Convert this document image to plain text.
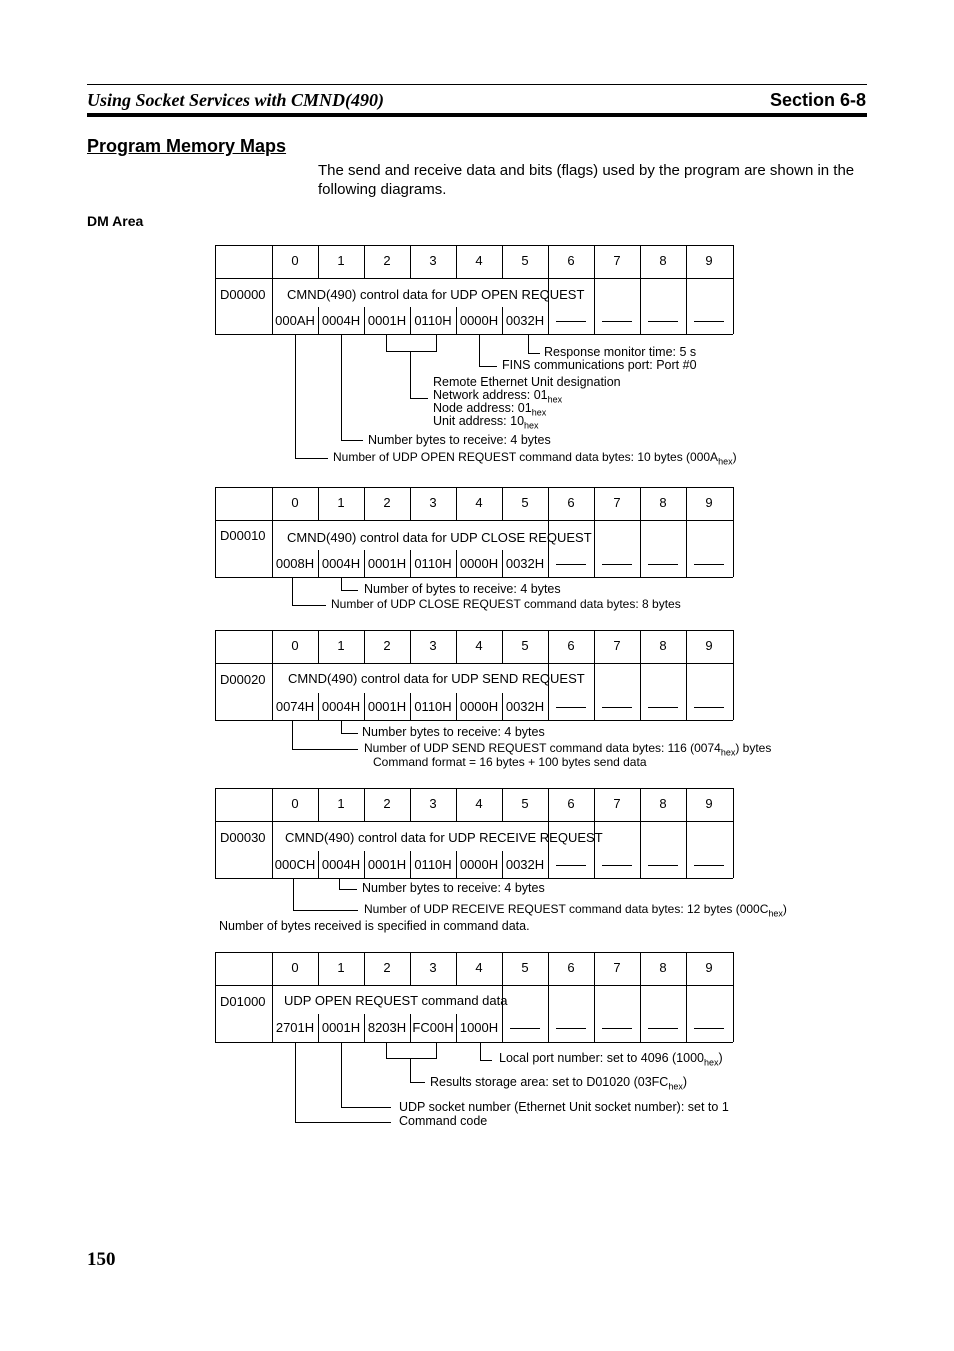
Using Socket Services with CMND(490)	Section 6-8
Program Memory Maps
The send and receive data and bits (flags) used by the program are shown in the following diagrams.
DM Area
0	1	2	3	4	5	6	7	8	9
D00000 CMND(490) control data for UDP OPEN REQUEST
000AH 0004H 0001H 0110H 0000H 0032H
0	1	2	3	4	5	6	7	8	9
D00010 CMND(490) control data for UDP CLOSE REQUEST
0008H 0004H 0001H 0110H 0000H 0032H
0	1	2	3	4	5	6	7	8	9
D00020 CMND(490) control data for UDP SEND REQUEST
0074H 0004H 0001H 0110H 0000H 0032H
0	1	2	3	4	5	6	7	8	9
D00030 CMND(490) control data for UDP RECEIVE REQUEST
000CH 0004H 0001H 0110H 0000H 0032H
0	1	2	3	4	5	6	7	8	9
D01000 UDP OPEN REQUEST command data
2701H 0001H 8203H FC00H 1000H
Response monitor time: 5 s
FINS communications port: Port #0
Remote Ethernet Unit designation
Network address: $01_{hex}$
Node address: $01_{hex}$
Unit address: $10_{hex}$
Number bytes to receive: 4 bytes
Number of UDP OPEN REQUEST command data bytes: 10 bytes $(000A_{hex})$
Number of bytes to receive: 4 bytes
Number of UDP CLOSE REQUEST command data bytes: 8 bytes
Number bytes to receive: 4 bytes
Number of UDP SEND REQUEST command data bytes: 116 $(0074_{hex})$ bytes
Command format = 16 bytes + 100 bytes send data
Number bytes to receive: 4 bytes
Number of UDP RECEIVE REQUEST command data bytes: 12 bytes $(000C_{hex})$
Number of bytes received is specified in command data.
Local port number: set to 4096 $(1000_{hex})$
Results storage area: set to D01020 $(03FC_{hex})$
UDP socket number (Ethernet Unit socket number): set to 1
Command code
150
